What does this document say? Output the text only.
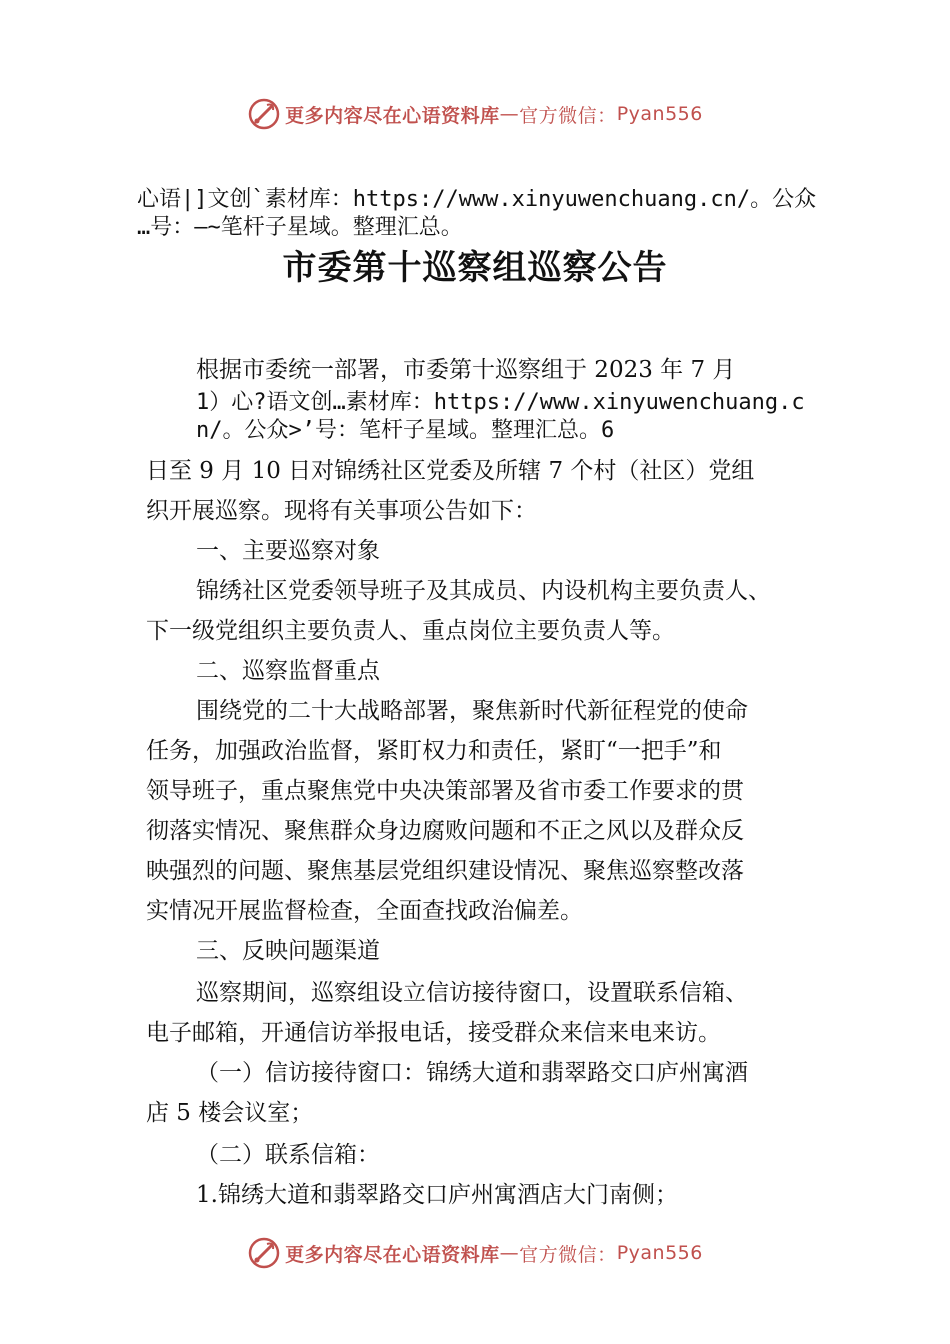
更多内容尽在心语资料库 — 官方微信： Pyan556
心语|]文创`素材库：https://www.xinyuwenchuang.cn/。公众
…号：—~笔杆子星域。整理汇总。
市委第十巡察组巡察公告
根据市委统一部署，市委第十巡察组于 2023 年 7 月
1）心?语文创…素材库：https://www.xinyuwenchuang.c
n/。公众>’号：笔杆子星域。整理汇总。6
日至 9 月 10 日对锦绣社区党委及所辖 7 个村（社区）党组
织开展巡察。现将有关事项公告如下：
一、主要巡察对象
锦绣社区党委领导班子及其成员、内设机构主要负责人、
下一级党组织主要负责人、重点岗位主要负责人等。
二、巡察监督重点
围绕党的二十大战略部署，聚焦新时代新征程党的使命
任务，加强政治监督，紧盯权力和责任，紧盯“一把手”和
领导班子，重点聚焦党中央决策部署及省市委工作要求的贯
彻落实情况、聚焦群众身边腐败问题和不正之风以及群众反
映强烈的问题、聚焦基层党组织建设情况、聚焦巡察整改落
实情况开展监督检查，全面查找政治偏差。
三、反映问题渠道
巡察期间，巡察组设立信访接待窗口，设置联系信箱、
电子邮箱，开通信访举报电话，接受群众来信来电来访。
（一）信访接待窗口：锦绣大道和翡翠路交口庐州寓酒
店 5 楼会议室；
（二）联系信箱：
1.锦绣大道和翡翠路交口庐州寓酒店大门南侧；
更多内容尽在心语资料库 — 官方微信： Pyan556
